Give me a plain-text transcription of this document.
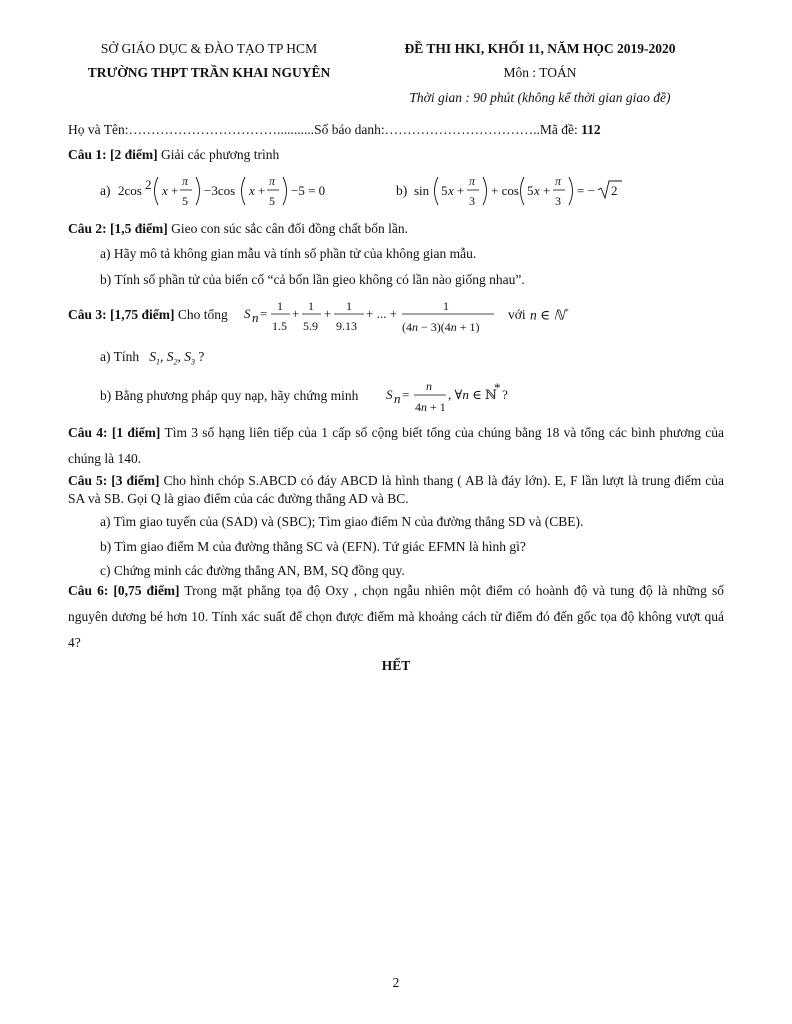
SỞ GIÁO DỤC & ĐÀO TẠO TP HCM
TRƯỜNG THPT TRẦN KHAI NGUYÊN
ĐỀ THI HKI, KHỐI 11, NĂM HỌC 2019-2020
Môn : TOÁN
Thời gian : 90 phút (không kể thời gian giao đề)
Họ và Tên:……………………………...........Số báo danh:……………………………..Mã đề: 112
Câu 1: [2 điểm] Giải các phương trình
a) 2cos 2 x +
π
5
−3cos x +
π
5
−5 = 0	b) sin 5 x +
π
3
+ cos 5 x +
π
3
= − 2
Câu 2: [1,5 điểm] Gieo con súc sắc cân đối đồng chất bốn lần.
a) Hãy mô tả không gian mẫu và tính số phần tử của không gian mẫu.
b) Tính số phần tử của biến cố “cả bốn lần gieo không có lần nào giống nhau”.
Câu 3: [1,75 điểm] Cho tổng S n = 1
1.5
+ 1
5.9
+ 1
9.13
+ ... +	1
(4n − 3)(4n + 1)
với n ∈ ℕ*
a) Tính   $S_1$, $S_2$, $S_3$ ?
b) Bằng phương pháp quy nạp, hãy chứng minh S n =
n
4n + 1
, ∀n ∈ ℕ
* ?
Câu 4: [1 điểm] Tìm 3 số hạng liên tiếp của 1 cấp số cộng biết tổng của chúng bằng 18 và tổng các bình phương của chúng là 140.
Câu 5: [3 điểm] Cho hình chóp S.ABCD có đáy ABCD là hình thang ( AB là đáy lớn). E, F lần lượt là trung điểm của SA và SB. Gọi Q là giao điểm của các đường thẳng AD và BC.
a) Tìm giao tuyến của (SAD) và (SBC); Tìm giao điểm N của đường thẳng SD và (CBE).
b) Tìm giao điểm M của đường thẳng SC và (EFN). Tứ giác EFMN là hình gì?
c) Chứng minh các đường thẳng AN, BM, SQ đồng quy.
Câu 6: [0,75 điểm] Trong mặt phẳng tọa độ Oxy , chọn ngẫu nhiên một điểm có hoành độ và tung độ là những số nguyên dương bé hơn 10. Tính xác suất để chọn được điểm mà khoảng cách từ điểm đó đến gốc tọa độ không vượt quá 4?
HẾT
2
